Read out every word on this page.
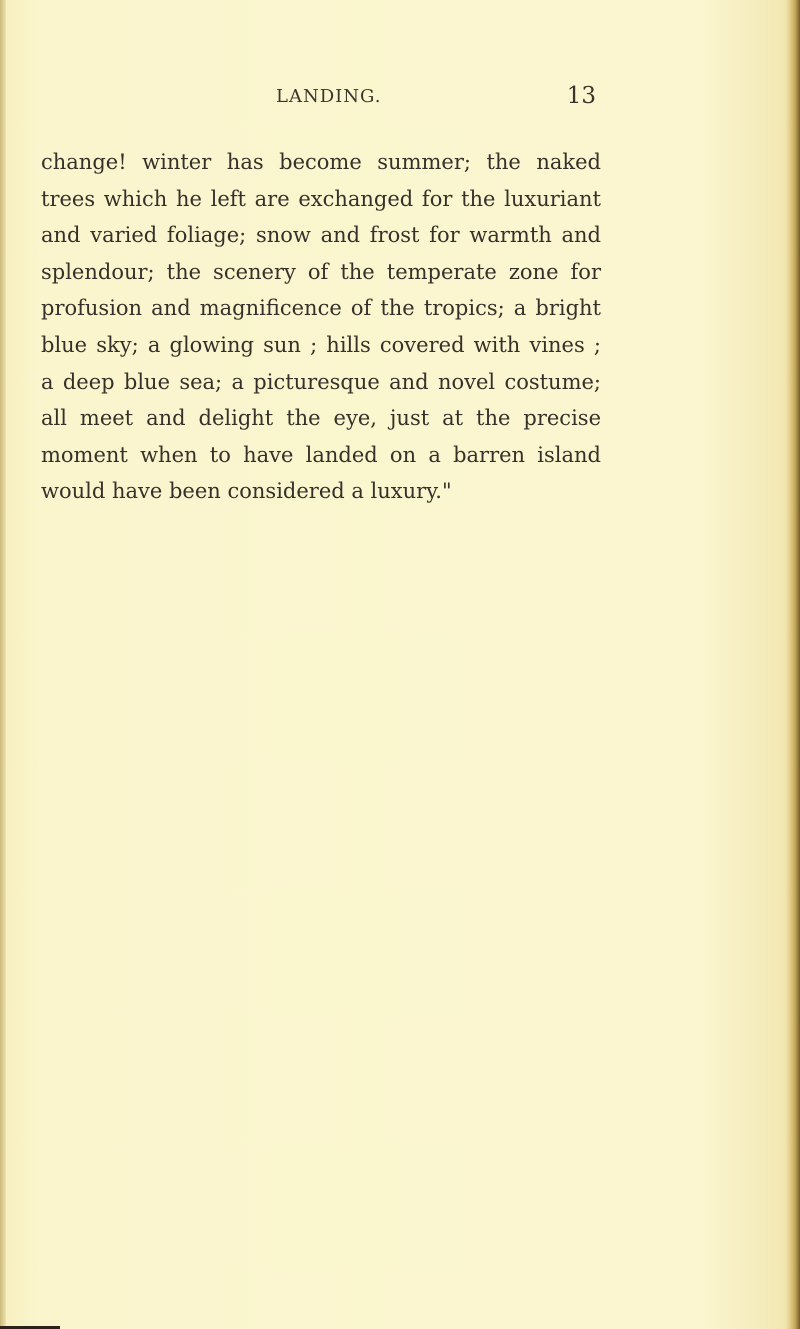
LANDING.	13
change! winter has become summer; the naked
trees which he left are exchanged for the luxuriant
and varied foliage; snow and frost for warmth and
splendour; the scenery of the temperate zone for
profusion and magnificence of the tropics; a bright
blue sky; a glowing sun ; hills covered with vines ;
a deep blue sea; a picturesque and novel costume;
all meet and delight the eye, just at the precise
moment when to have landed on a barren island
would have been considered a luxury."
